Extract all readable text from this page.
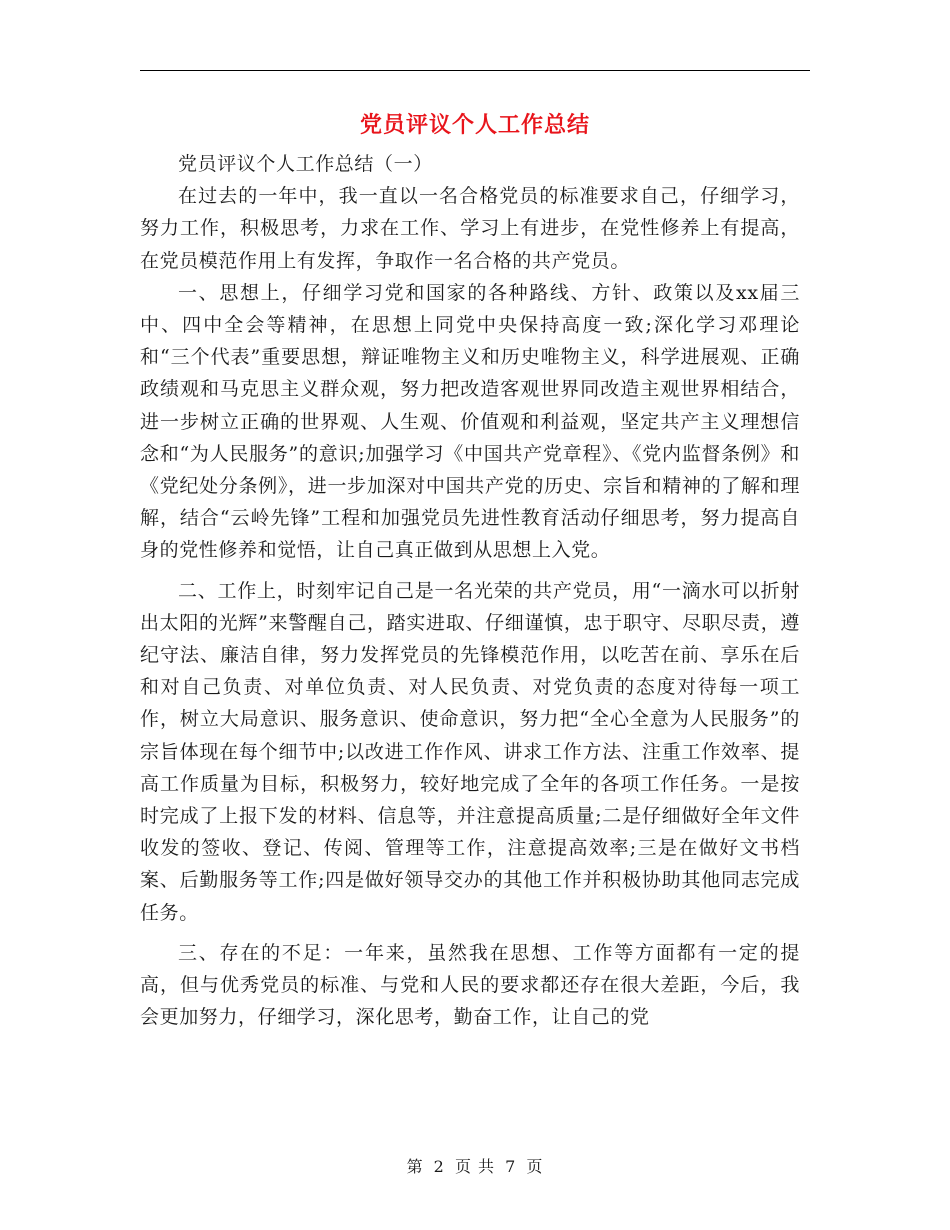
党员评议个人工作总结

党员评议个人工作总结（一）

在过去的一年中，我一直以一名合格党员的标准要求自己，仔细学习，努力工作，积极思考，力求在工作、学习上有进步，在党性修养上有提高，在党员模范作用上有发挥，争取作一名合格的共产党员。

一、思想上，仔细学习党和国家的各种路线、方针、政策以及xx届三中、四中全会等精神，在思想上同党中央保持高度一致;深化学习邓理论和“三个代表”重要思想，辩证唯物主义和历史唯物主义，科学进展观、正确政绩观和马克思主义群众观，努力把改造客观世界同改造主观世界相结合，进一步树立正确的世界观、人生观、价值观和利益观，坚定共产主义理想信念和“为人民服务”的意识;加强学习《中国共产党章程》、《党内监督条例》和《党纪处分条例》，进一步加深对中国共产党的历史、宗旨和精神的了解和理解，结合“云岭先锋”工程和加强党员先进性教育活动仔细思考，努力提高自身的党性修养和觉悟，让自己真正做到从思想上入党。

二、工作上，时刻牢记自己是一名光荣的共产党员，用“一滴水可以折射出太阳的光辉”来警醒自己，踏实进取、仔细谨慎，忠于职守、尽职尽责，遵纪守法、廉洁自律，努力发挥党员的先锋模范作用，以吃苦在前、享乐在后和对自己负责、对单位负责、对人民负责、对党负责的态度对待每一项工作，树立大局意识、服务意识、使命意识，努力把“全心全意为人民服务”的宗旨体现在每个细节中;以改进工作作风、讲求工作方法、注重工作效率、提高工作质量为目标，积极努力，较好地完成了全年的各项工作任务。一是按时完成了上报下发的材料、信息等，并注意提高质量;二是仔细做好全年文件收发的签收、登记、传阅、管理等工作，注意提高效率;三是在做好文书档案、后勤服务等工作;四是做好领导交办的其他工作并积极协助其他同志完成任务。

三、存在的不足：一年来，虽然我在思想、工作等方面都有一定的提高，但与优秀党员的标准、与党和人民的要求都还存在很大差距，今后，我会更加努力，仔细学习，深化思考，勤奋工作，让自己的党

第 2 页 共 7 页
